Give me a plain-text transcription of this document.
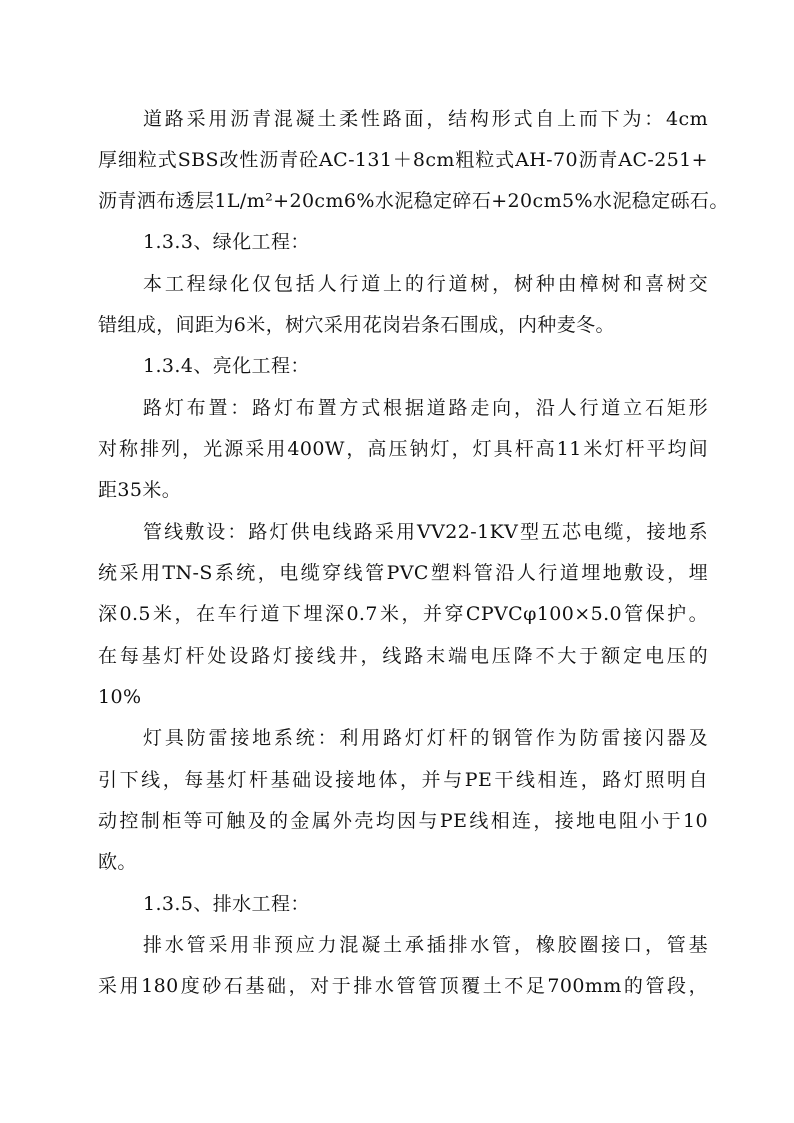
道路采用沥青混凝土柔性路面，结构形式自上而下为：4cm
厚细粒式SBS改性沥青砼AC-131＋8cm粗粒式AH-70沥青AC-251+
沥青洒布透层1L/m²+20cm6%水泥稳定碎石+20cm5%水泥稳定砾石。
1.3.3、绿化工程：
本工程绿化仅包括人行道上的行道树，树种由樟树和喜树交
错组成，间距为6米，树穴采用花岗岩条石围成，内种麦冬。
1.3.4、亮化工程：
路灯布置：路灯布置方式根据道路走向，沿人行道立石矩形
对称排列，光源采用400W，高压钠灯，灯具杆高11米灯杆平均间
距35米。
管线敷设：路灯供电线路采用VV22-1KV型五芯电缆，接地系
统采用TN-S系统，电缆穿线管PVC塑料管沿人行道埋地敷设，埋
深0.5米，在车行道下埋深0.7米，并穿CPVCφ100×5.0管保护。
在每基灯杆处设路灯接线井，线路末端电压降不大于额定电压的
10%
灯具防雷接地系统：利用路灯灯杆的钢管作为防雷接闪器及
引下线，每基灯杆基础设接地体，并与PE干线相连，路灯照明自
动控制柜等可触及的金属外壳均因与PE线相连，接地电阻小于10
欧。
1.3.5、排水工程：
排水管采用非预应力混凝土承插排水管，橡胶圈接口，管基
采用180度砂石基础，对于排水管管顶覆土不足700mm的管段，
